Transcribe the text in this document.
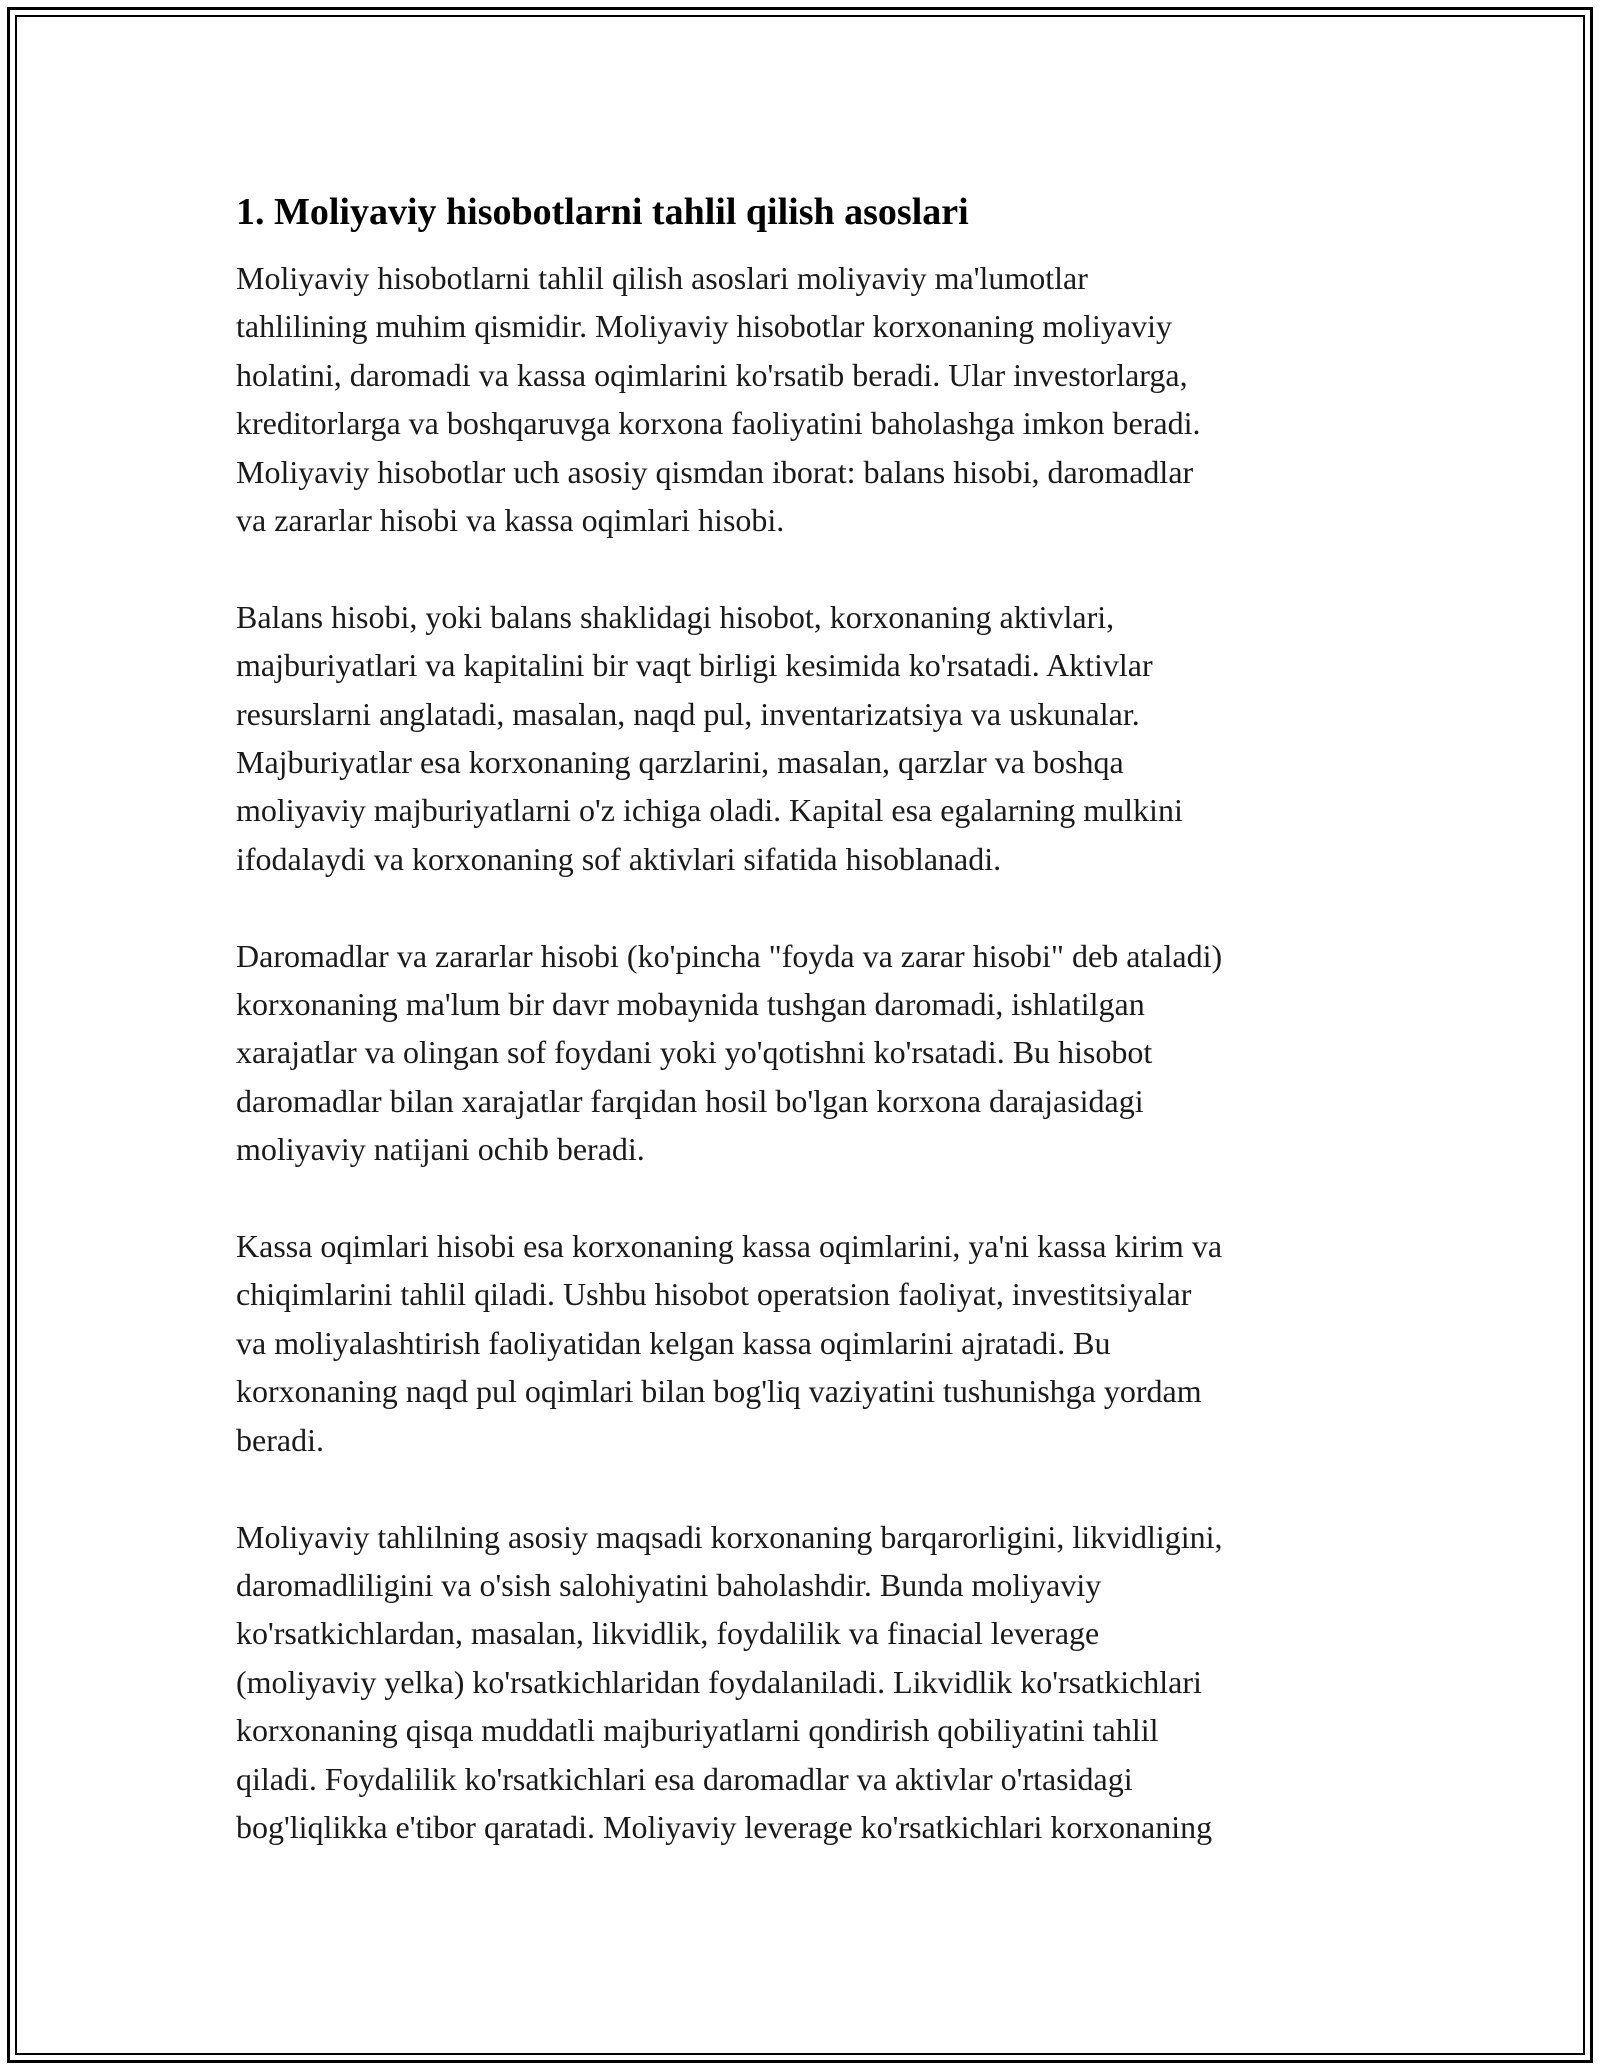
1. Moliyaviy hisobotlarni tahlil qilish asoslari

Moliyaviy hisobotlarni tahlil qilish asoslari moliyaviy ma'lumotlar
tahlilining muhim qismidir. Moliyaviy hisobotlar korxonaning moliyaviy
holatini, daromadi va kassa oqimlarini ko'rsatib beradi. Ular investorlarga,
kreditorlarga va boshqaruvga korxona faoliyatini baholashga imkon beradi.
Moliyaviy hisobotlar uch asosiy qismdan iborat: balans hisobi, daromadlar
va zararlar hisobi va kassa oqimlari hisobi.

Balans hisobi, yoki balans shaklidagi hisobot, korxonaning aktivlari,
majburiyatlari va kapitalini bir vaqt birligi kesimida ko'rsatadi. Aktivlar
resurslarni anglatadi, masalan, naqd pul, inventarizatsiya va uskunalar.
Majburiyatlar esa korxonaning qarzlarini, masalan, qarzlar va boshqa
moliyaviy majburiyatlarni o'z ichiga oladi. Kapital esa egalarning mulkini
ifodalaydi va korxonaning sof aktivlari sifatida hisoblanadi.

Daromadlar va zararlar hisobi (ko'pincha "foyda va zarar hisobi" deb ataladi)
korxonaning ma'lum bir davr mobaynida tushgan daromadi, ishlatilgan
xarajatlar va olingan sof foydani yoki yo'qotishni ko'rsatadi. Bu hisobot
daromadlar bilan xarajatlar farqidan hosil bo'lgan korxona darajasidagi
moliyaviy natijani ochib beradi.

Kassa oqimlari hisobi esa korxonaning kassa oqimlarini, ya'ni kassa kirim va
chiqimlarini tahlil qiladi. Ushbu hisobot operatsion faoliyat, investitsiyalar
va moliyalashtirish faoliyatidan kelgan kassa oqimlarini ajratadi. Bu
korxonaning naqd pul oqimlari bilan bog'liq vaziyatini tushunishga yordam
beradi.

Moliyaviy tahlilning asosiy maqsadi korxonaning barqarorligini, likvidligini,
daromadliligini va o'sish salohiyatini baholashdir. Bunda moliyaviy
ko'rsatkichlardan, masalan, likvidlik, foydalilik va finacial leverage
(moliyaviy yelka) ko'rsatkichlaridan foydalaniladi. Likvidlik ko'rsatkichlari
korxonaning qisqa muddatli majburiyatlarni qondirish qobiliyatini tahlil
qiladi. Foydalilik ko'rsatkichlari esa daromadlar va aktivlar o'rtasidagi
bog'liqlikka e'tibor qaratadi. Moliyaviy leverage ko'rsatkichlari korxonaning
